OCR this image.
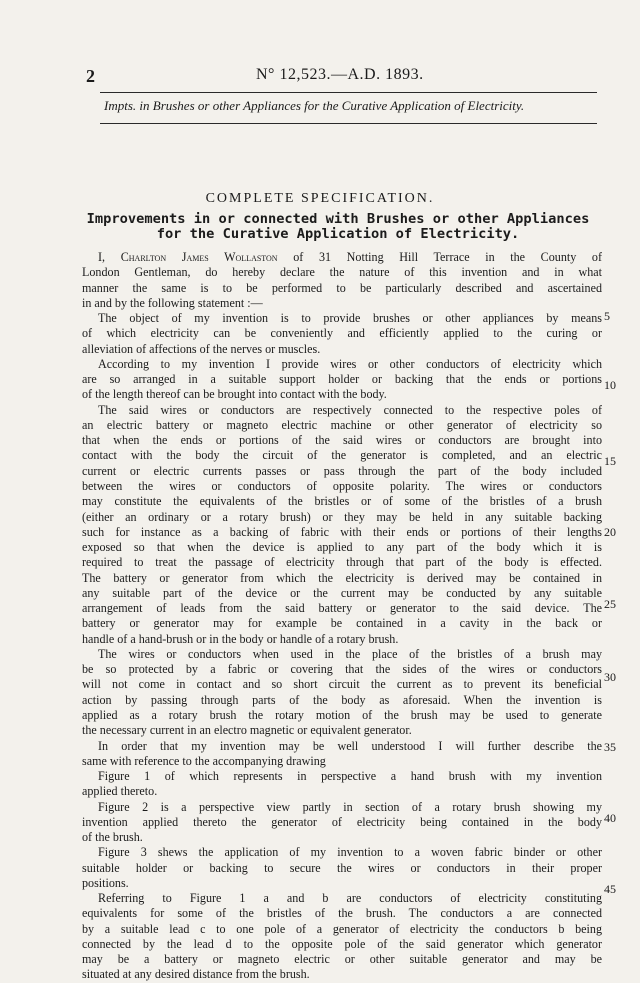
2	N° 12,523.—A.D. 1893.
Impts. in Brushes or other Appliances for the Curative Application of Electricity.
COMPLETE SPECIFICATION.
Improvements in or connected with Brushes or other Appliances
for the Curative Application of Electricity.
I, Charlton James Wollaston of 31 Notting Hill Terrace in the County of
London Gentleman, do hereby declare the nature of this invention and in what
manner the same is to be performed to be particularly described and ascertained
in and by the following statement :—
The object of my invention is to provide brushes or other appliances by means
of which electricity can be conveniently and efficiently applied to the curing or
alleviation of affections of the nerves or muscles.
According to my invention I provide wires or other conductors of electricity which
are so arranged in a suitable support holder or backing that the ends or portions
of the length thereof can be brought into contact with the body.
The said wires or conductors are respectively connected to the respective poles of
an electric battery or magneto electric machine or other generator of electricity so
that when the ends or portions of the said wires or conductors are brought into
contact with the body the circuit of the generator is completed, and an electric
current or electric currents passes or pass through the part of the body included
between the wires or conductors of opposite polarity. The wires or conductors
may constitute the equivalents of the bristles or of some of the bristles of a brush
(either an ordinary or a rotary brush) or they may be held in any suitable backing
such for instance as a backing of fabric with their ends or portions of their lengths
exposed so that when the device is applied to any part of the body which it is
required to treat the passage of electricity through that part of the body is effected.
The battery or generator from which the electricity is derived may be contained in
any suitable part of the device or the current may be conducted by any suitable
arrangement of leads from the said battery or generator to the said device. The
battery or generator may for example be contained in a cavity in the back or
handle of a hand-brush or in the body or handle of a rotary brush.
The wires or conductors when used in the place of the bristles of a brush may
be so protected by a fabric or covering that the sides of the wires or conductors
will not come in contact and so short circuit the current as to prevent its beneficial
action by passing through parts of the body as aforesaid. When the invention is
applied as a rotary brush the rotary motion of the brush may be used to generate
the necessary current in an electro magnetic or equivalent generator.
In order that my invention may be well understood I will further describe the
same with reference to the accompanying drawing
Figure 1 of which represents in perspective a hand brush with my invention
applied thereto.
Figure 2 is a perspective view partly in section of a rotary brush showing my
invention applied thereto the generator of electricity being contained in the body
of the brush.
Figure 3 shews the application of my invention to a woven fabric binder or other
suitable holder or backing to secure the wires or conductors in their proper
positions.
Referring to Figure 1 a and b are conductors of electricity constituting
equivalents for some of the bristles of the brush. The conductors a are connected
by a suitable lead c to one pole of a generator of electricity the conductors b being
connected by the lead d to the opposite pole of the said generator which generator
may be a battery or magneto electric or other suitable generator and may be
situated at any desired distance from the brush.
5
10
15
20
25
30
35
40
45
